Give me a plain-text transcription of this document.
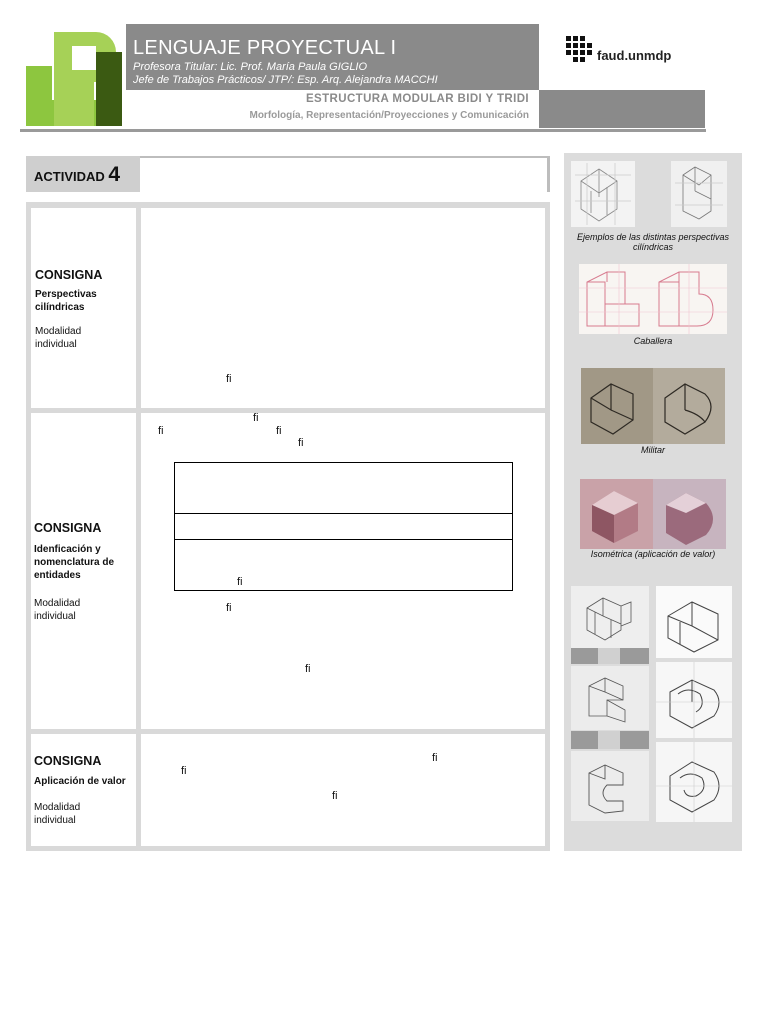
LENGUAJE PROYECTUAL I
Profesora Titular: Lic. Prof. María Paula GIGLIO
Jefe de Trabajos Prácticos/ JTP/: Esp. Arq. Alejandra MACCHI
ESTRUCTURA MODULAR BIDI Y TRIDI
Morfología, Representación/Proyecciones y Comunicación
faud.unmdp
ACTIVIDAD 4
CONSIGNA
Perspectivas cilíndricas
Modalidad individual
ﬁ
CONSIGNA
Idenficación y nomenclatura de entidades
Modalidad individual
ﬁ
ﬁ	ﬁ
ﬁ
ﬁ
ﬁ
ﬁ
CONSIGNA
Aplicación de valor
Modalidad individual
ﬁ
ﬁ
ﬁ
Ejemplos de las distintas perspectivas cilíndricas
Caballera
Militar
Isométrica (aplicación de valor)
